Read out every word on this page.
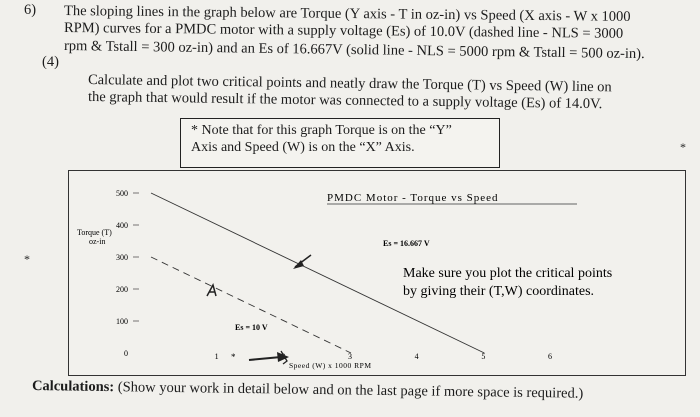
6) The sloping lines in the graph below are Torque (Y axis - T in oz-in) vs Speed (X axis - W x 1000
RPM) curves for a PMDC motor with a supply voltage (Es) of 10.0V (dashed line - NLS = 3000
(4) rpm & Tstall = 300 oz-in) and an Es of 16.667V (solid line - NLS = 5000 rpm & Tstall = 500 oz-in).
Calculate and plot two critical points and neatly draw the Torque (T) vs Speed (W) line on
the graph that would result if the motor was connected to a supply voltage (Es) of 14.0V.
* Note that for this graph Torque is on the “Y”
Axis and Speed (W) is on the “X” Axis.
PMDC Motor - Torque vs Speed
Torque (T)
oz-in
500
400
300
200
100
0	1	3	4	5	6
Speed (W) x 1000 RPM
Es = 16.667 V
Es = 10 V
Make sure you plot the critical points
by giving their (T,W) coordinates.
*
*
*
Calculations: (Show your work in detail below and on the last page if more space is required.)
